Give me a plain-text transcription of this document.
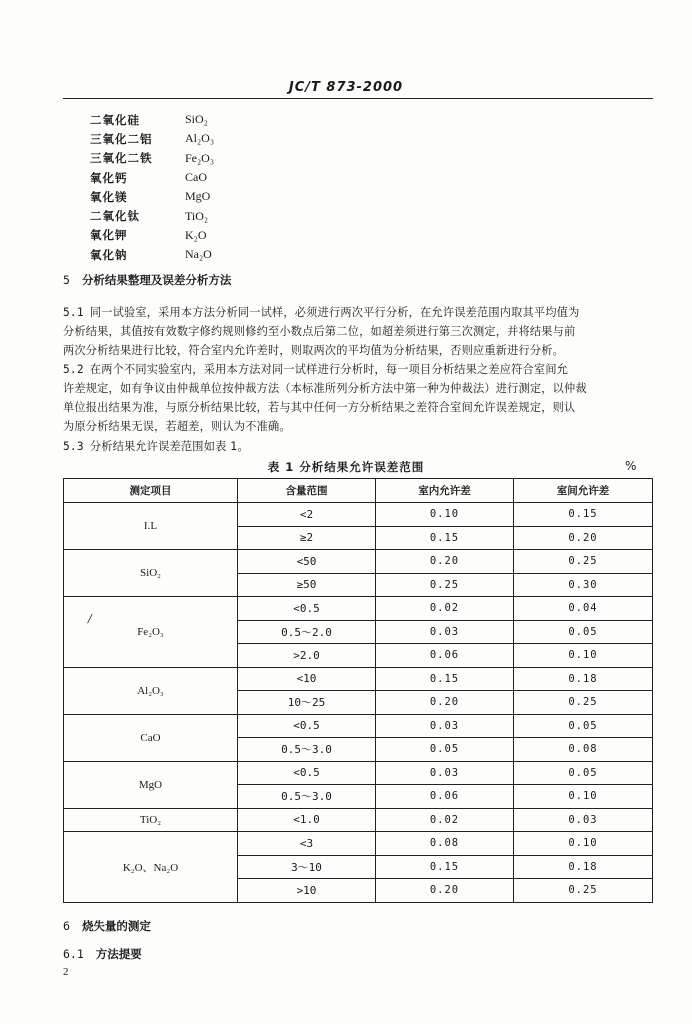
JC/T 873-2000
二氧化硅	SiO₂
三氧化二铝	Al₂O₃
三氧化二铁	Fe₂O₃
氧化钙	CaO
氧化镁	MgO
二氧化钛	TiO₂
氧化钾	K₂O
氧化钠	Na₂O
5 分析结果整理及误差分析方法
5.1 同一试验室，采用本方法分析同一试样，必须进行两次平行分析，在允许误差范围内取其平均值为
分析结果，其值按有效数字修约规则修约至小数点后第二位，如超差须进行第三次测定，并将结果与前
两次分析结果进行比较，符合室内允许差时，则取两次的平均值为分析结果，否则应重新进行分析。
5.2 在两个不同实验室内，采用本方法对同一试样进行分析时，每一项目分析结果之差应符合室间允
许差规定，如有争议由仲裁单位按仲裁方法（本标准所列分析方法中第一种为仲裁法）进行测定，以仲裁
单位报出结果为准，与原分析结果比较，若与其中任何一方分析结果之差符合室间允许误差规定，则认
为原分析结果无误，若超差，则认为不准确。
5.3 分析结果允许误差范围如表 1。
表 1 分析结果允许误差范围	%
测定项目	含量范围	室内允许差	室间允许差
I.L	<2	0.10	0.15
	≥2	0.15	0.20
SiO₂	<50	0.20	0.25
	≥50	0.25	0.30
Fe₂O₃	<0.5	0.02	0.04
	0.5～2.0	0.03	0.05
	>2.0	0.06	0.10
Al₂O₃	<10	0.15	0.18
	10～25	0.20	0.25
CaO	<0.5	0.03	0.05
	0.5～3.0	0.05	0.08
MgO	<0.5	0.03	0.05
	0.5～3.0	0.06	0.10
TiO₂	<1.0	0.02	0.03
K₂O、Na₂O	<3	0.08	0.10
	3～10	0.15	0.18
	>10	0.20	0.25
/
6 烧失量的测定
6.1 方法提要
2
